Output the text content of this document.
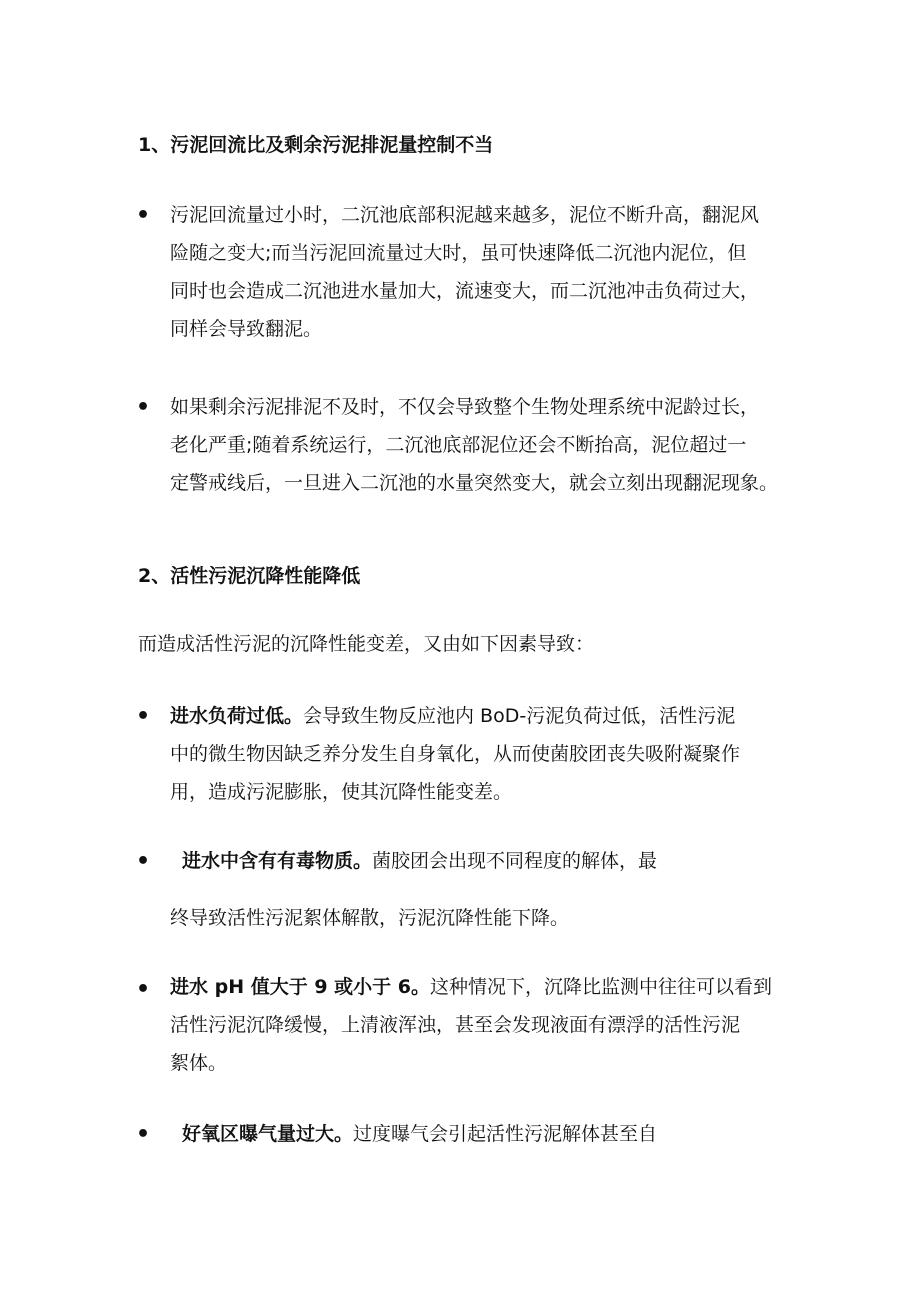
1、污泥回流比及剩余污泥排泥量控制不当
• 污泥回流量过小时，二沉池底部积泥越来越多，泥位不断升高，翻泥风
险随之变大;而当污泥回流量过大时，虽可快速降低二沉池内泥位，但
同时也会造成二沉池进水量加大，流速变大，而二沉池冲击负荷过大，
同样会导致翻泥。
• 如果剩余污泥排泥不及时，不仅会导致整个生物处理系统中泥龄过长，
老化严重;随着系统运行，二沉池底部泥位还会不断抬高，泥位超过一
定警戒线后，一旦进入二沉池的水量突然变大，就会立刻出现翻泥现象。
2、活性污泥沉降性能降低
而造成活性污泥的沉降性能变差，又由如下因素导致：
• 进水负荷过低。会导致生物反应池内 BoD-污泥负荷过低，活性污泥
中的微生物因缺乏养分发生自身氧化，从而使菌胶团丧失吸附凝聚作
用，造成污泥膨胀，使其沉降性能变差。
• 进水中含有有毒物质。菌胶团会出现不同程度的解体，最
终导致活性污泥絮体解散，污泥沉降性能下降。
• 进水 pH 值大于 9 或小于 6。这种情况下，沉降比监测中往往可以看到
活性污泥沉降缓慢，上清液浑浊，甚至会发现液面有漂浮的活性污泥
絮体。
• 好氧区曝气量过大。过度曝气会引起活性污泥解体甚至自
